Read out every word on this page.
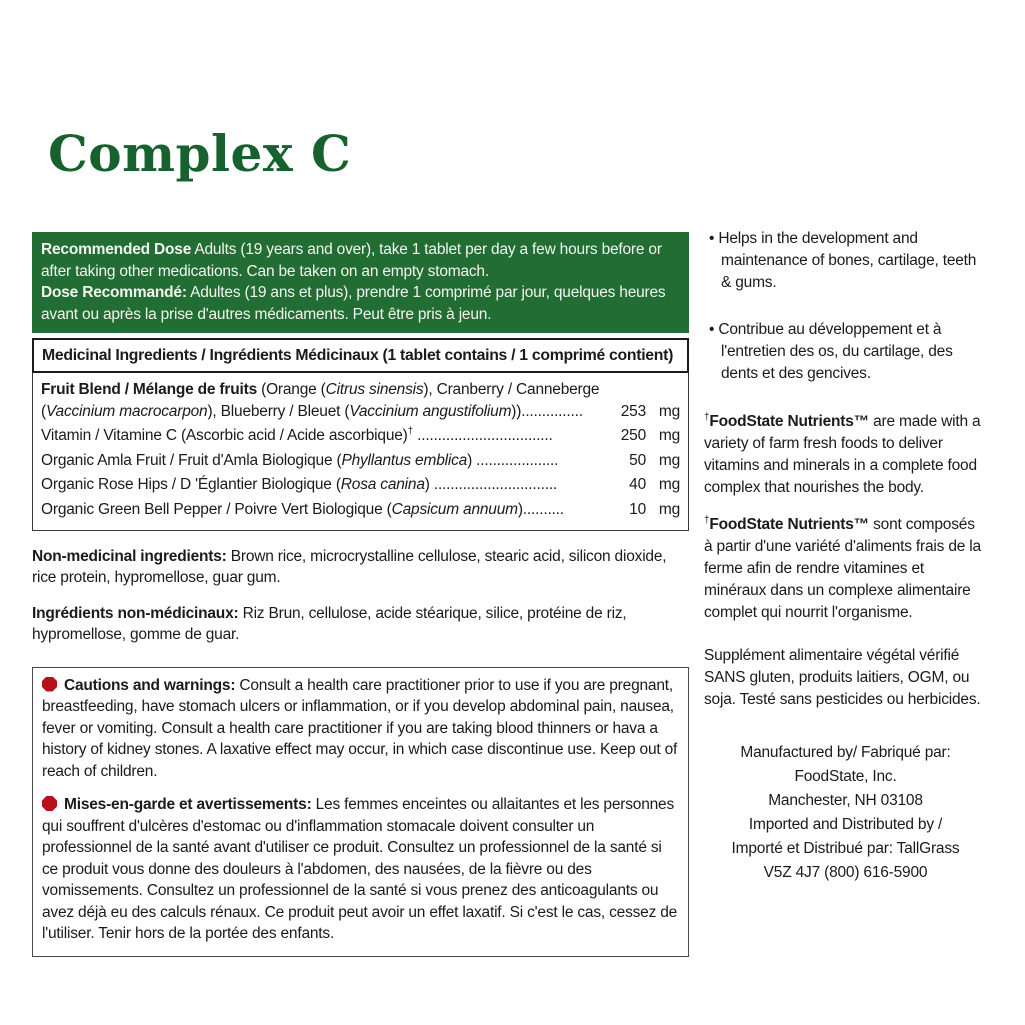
Complex C

Recommended Dose Adults (19 years and over), take 1 tablet per day a few hours before or after taking other medications. Can be taken on an empty stomach.

Dose Recommandé: Adultes (19 ans et plus), prendre 1 comprimé par jour, quelques heures avant ou après la prise d'autres médicaments. Peut être pris à jeun.

Medicinal Ingredients / Ingrédients Médicinaux (1 tablet contains / 1 comprimé contient)
Fruit Blend / Mélange de fruits (Orange (Citrus sinensis), Cranberry / Canneberge (Vaccinium macrocarpon), Blueberry / Bleuet (Vaccinium angustifolium))...............	253 mg
Vitamin / Vitamine C (Ascorbic acid / Acide ascorbique)† .................................	250 mg
Organic Amla Fruit / Fruit d'Amla Biologique (Phyllantus emblica) ....................	50 mg
Organic Rose Hips / D 'Églantier Biologique (Rosa canina) ..............................	40 mg
Organic Green Bell Pepper / Poivre Vert Biologique (Capsicum annuum)..........	10 mg

Non-medicinal ingredients: Brown rice, microcrystalline cellulose, stearic acid, silicon dioxide, rice protein, hypromellose, guar gum.

Ingrédients non-médicinaux: Riz Brun, cellulose, acide stéarique, silice, protéine de riz, hypromellose, gomme de guar.

Cautions and warnings: Consult a health care practitioner prior to use if you are pregnant, breastfeeding, have stomach ulcers or inflammation, or if you develop abdominal pain, nausea, fever or vomiting. Consult a health care practitioner if you are taking blood thinners or hava a history of kidney stones. A laxative effect may occur, in which case discontinue use. Keep out of reach of children.

Mises-en-garde et avertissements: Les femmes enceintes ou allaitantes et les personnes qui souffrent d'ulcères d'estomac ou d'inflammation stomacale doivent consulter un professionnel de la santé avant d'utiliser ce produit. Consultez un professionnel de la santé si ce produit vous donne des douleurs à l'abdomen, des nausées, de la fièvre ou des vomissements. Consultez un professionnel de la santé si vous prenez des anticoagulants ou avez déjà eu des calculs rénaux. Ce produit peut avoir un effet laxatif. Si c'est le cas, cessez de l'utiliser. Tenir hors de la portée des enfants.

• Helps in the development and maintenance of bones, cartilage, teeth & gums.

• Contribue au développement et à l'entretien des os, du cartilage, des dents et des gencives.

†FoodState Nutrients™ are made with a variety of farm fresh foods to deliver vitamins and minerals in a complete food complex that nourishes the body.

†FoodState Nutrients™ sont composés à partir d'une variété d'aliments frais de la ferme afin de rendre vitamines et minéraux dans un complexe alimentaire complet qui nourrit l'organisme.

Supplément alimentaire végétal vérifié SANS gluten, produits laitiers, OGM, ou soja. Testé sans pesticides ou herbicides.

Manufactured by/ Fabriqué par:
FoodState, Inc.
Manchester, NH 03108
Imported and Distributed by /
Importé et Distribué par: TallGrass
V5Z 4J7 (800) 616-5900
